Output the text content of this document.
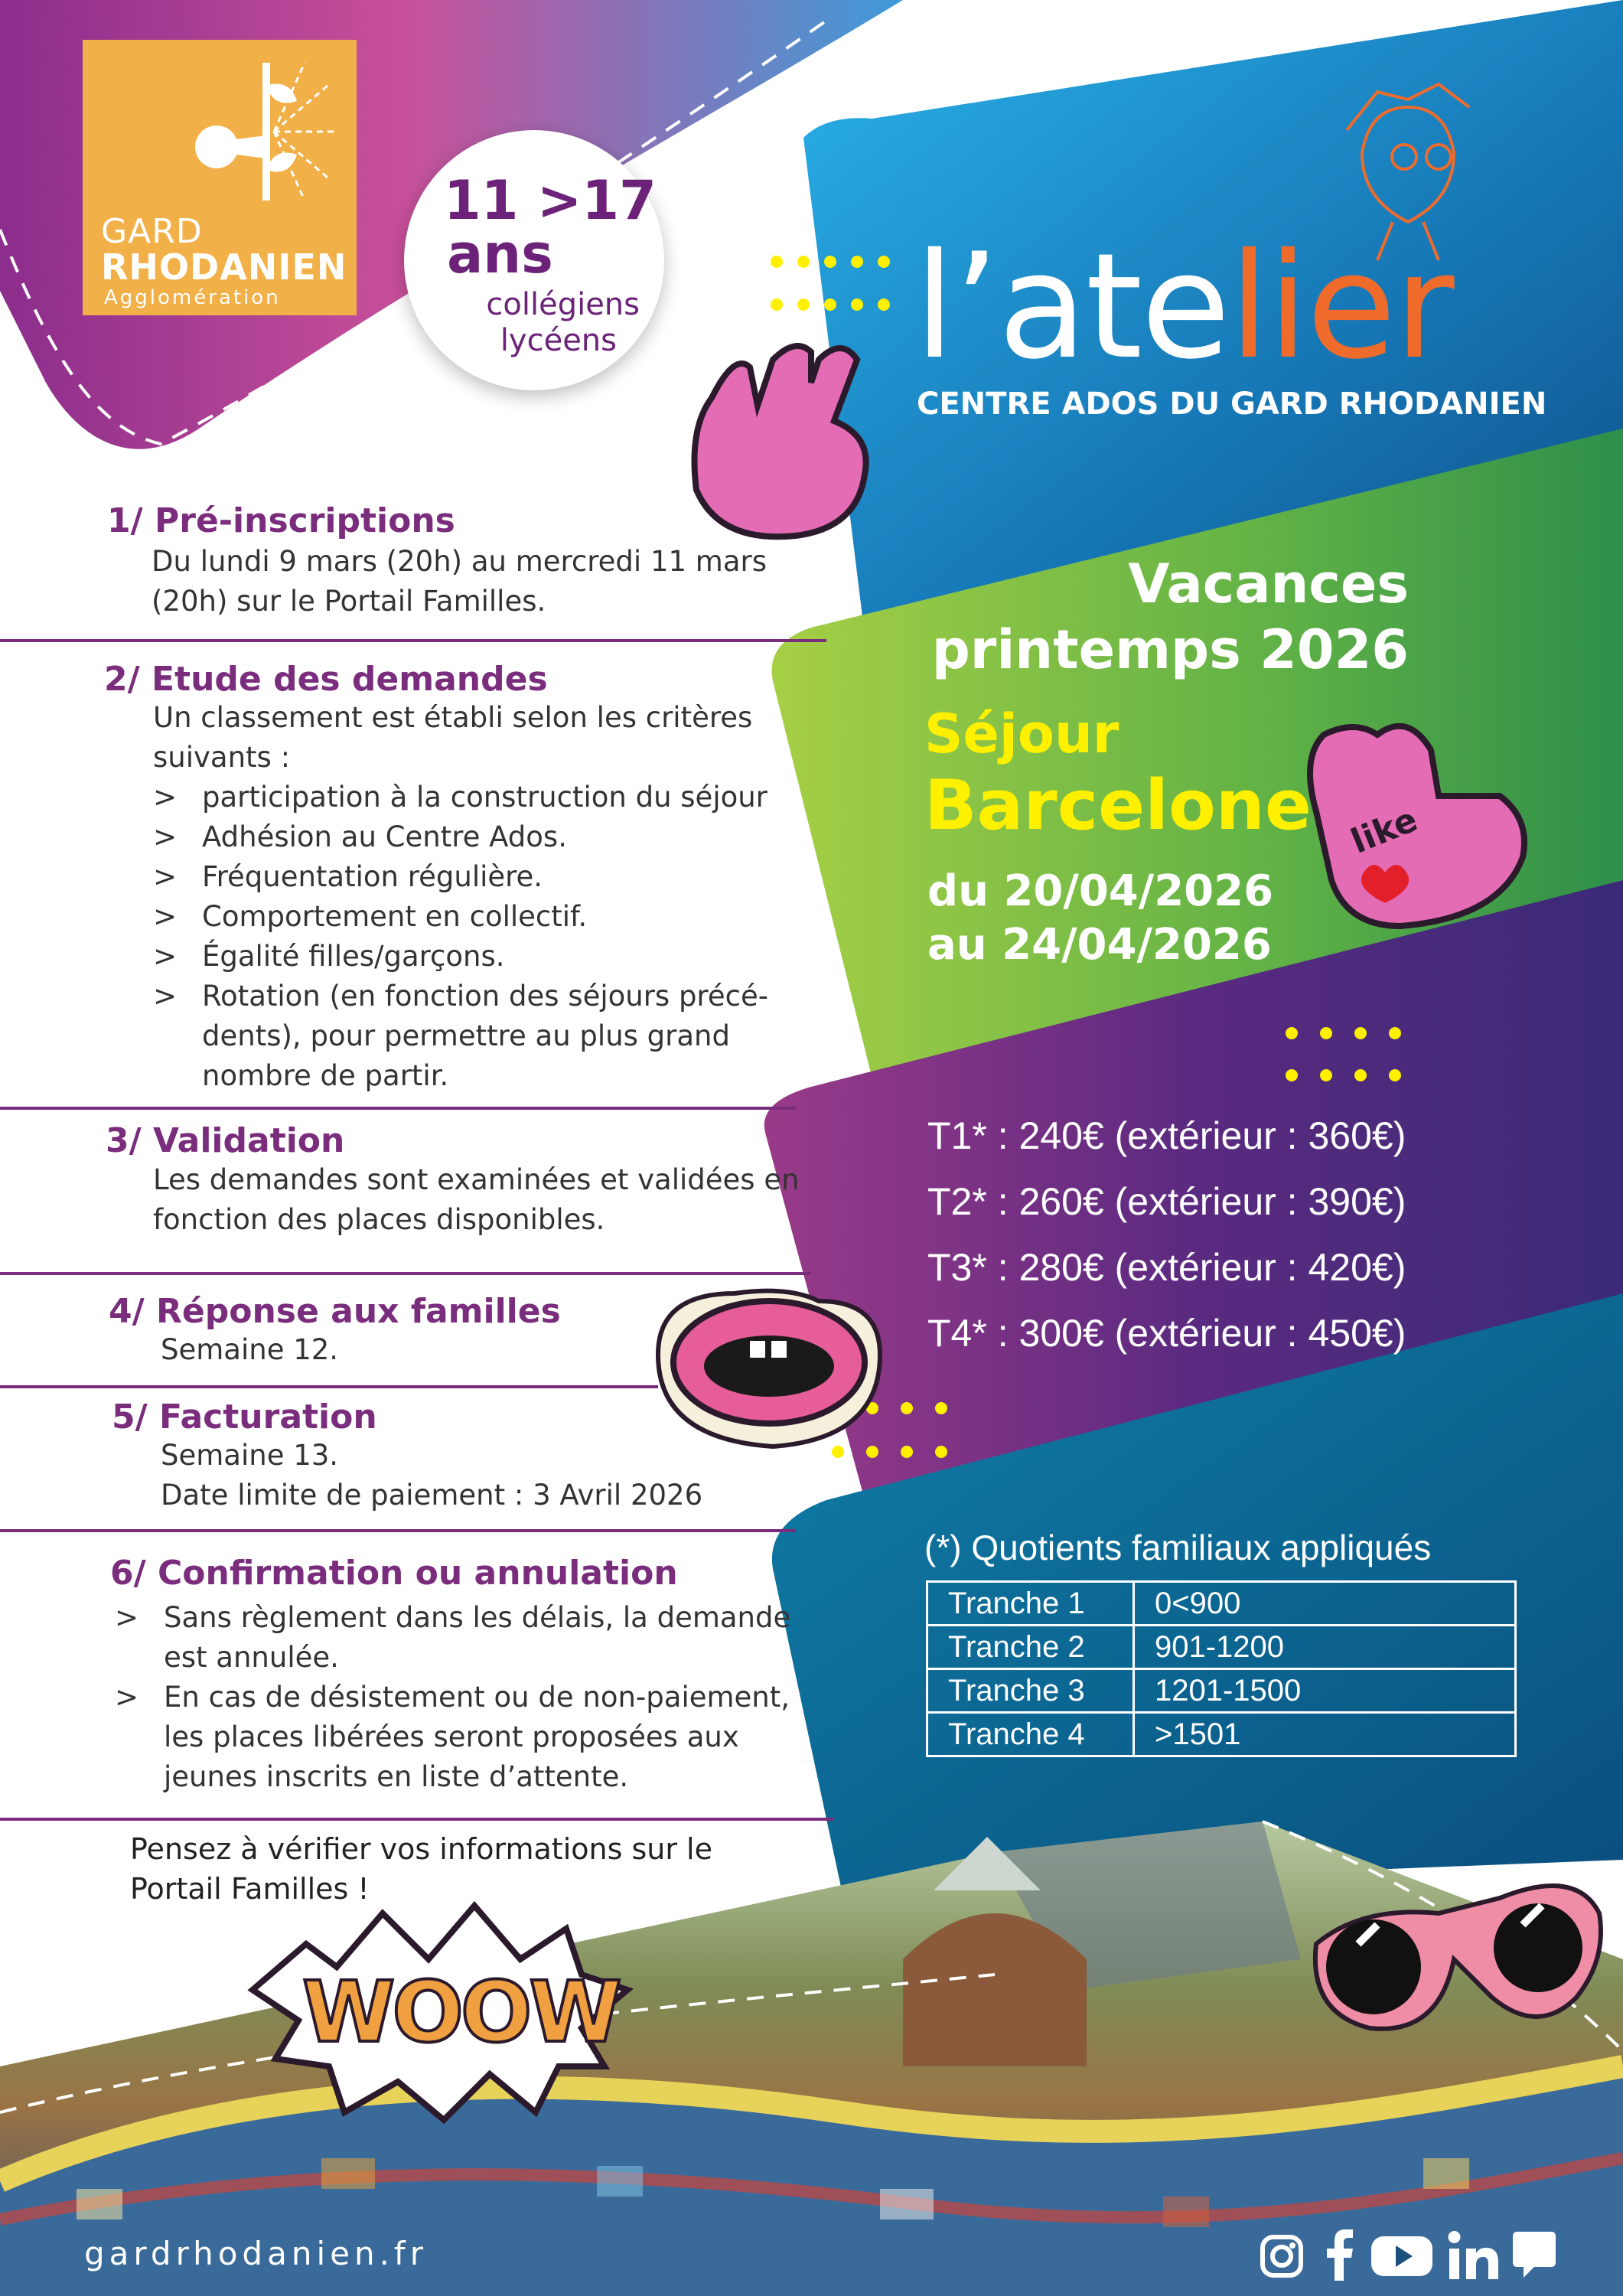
GARD
RHODANIEN
Agglomération
11 >17
ans
collégiens
lycéens l’atelier
CENTRE ADOS DU GARD RHODANIEN
Vacances
printemps 2026
Séjour
Barcelone
du 20/04/2026
au 24/04/2026
like
T1* : 240€ (extérieur : 360€)
T2* : 260€ (extérieur : 390€)
T3* : 280€ (extérieur : 420€)
T4* : 300€ (extérieur : 450€)
(*) Quotients familiaux appliqués
Tranche 1	0<900
Tranche 2	901-1200
Tranche 3	1201-1500
Tranche 4	>1501
1/ Pré-inscriptions
Du lundi 9 mars (20h) au mercredi 11 mars
(20h) sur le Portail Familles.
2/ Etude des demandes
Un classement est établi selon les critères
suivants :
> participation à la construction du séjour
> Adhésion au Centre Ados.
> Fréquentation régulière.
> Comportement en collectif.
> Égalité filles/garçons.
> Rotation (en fonction des séjours précé-
dents), pour permettre au plus grand
nombre de partir.
3/ Validation
Les demandes sont examinées et validées en
fonction des places disponibles.
4/ Réponse aux familles
Semaine 12.
5/ Facturation
Semaine 13.
Date limite de paiement : 3 Avril 2026
6/ Confirmation ou annulation
> Sans règlement dans les délais, la demande
est annulée.
> En cas de désistement ou de non-paiement,
les places libérées seront proposées aux
jeunes inscrits en liste d’attente.
Pensez à vérifier vos informations sur le Portail Familles !
WOOW
gardrhodanien.fr
